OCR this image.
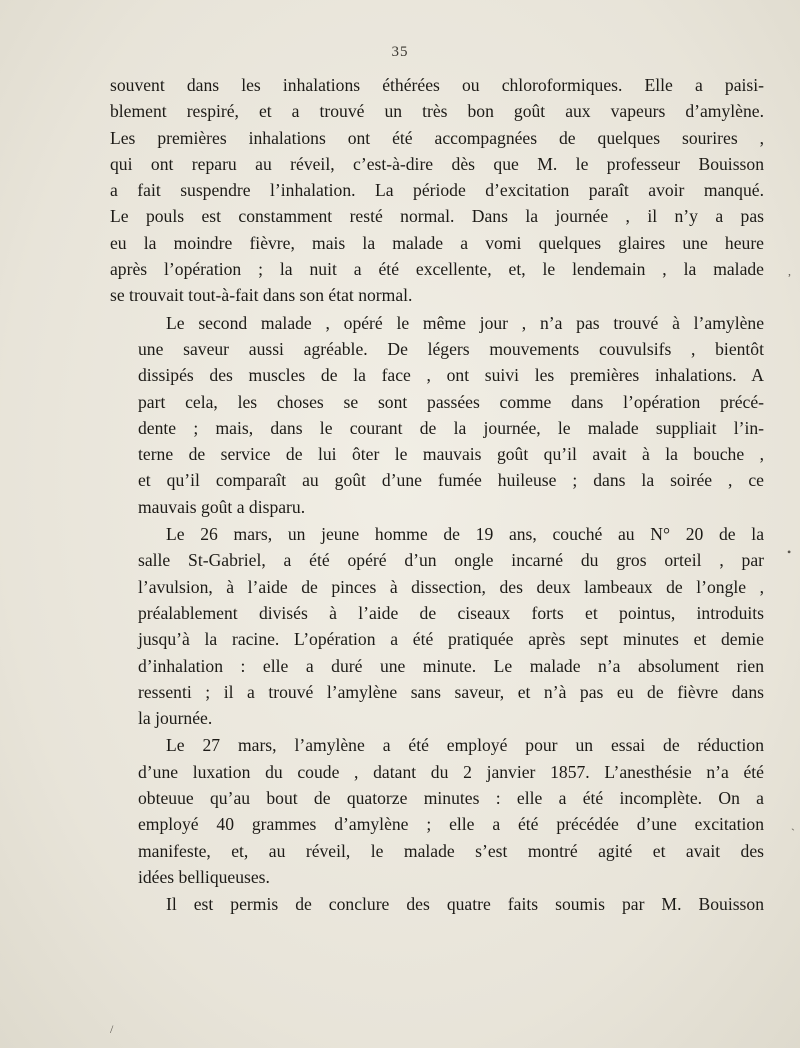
35
souvent dans les inhalations éthérées ou chloroformiques. Elle a paisi-
blement respiré, et a trouvé un très bon goût aux vapeurs d’amylène.
Les premières inhalations ont été accompagnées de quelques sourires ,
qui ont reparu au réveil, c’est-à-dire dès que M. le professeur Bouisson
a fait suspendre l’inhalation. La période d’excitation paraît avoir manqué.
Le pouls est constamment resté normal. Dans la journée , il n’y a pas
eu la moindre fièvre, mais la malade a vomi quelques glaires une heure
après l’opération ; la nuit a été excellente, et, le lendemain , la malade
se trouvait tout-à-fait dans son état normal.
Le second malade , opéré le même jour , n’a pas trouvé à l’amylène
une saveur aussi agréable. De légers mouvements couvulsifs , bientôt
dissipés des muscles de la face , ont suivi les premières inhalations. A
part cela, les choses se sont passées comme dans l’opération précé-
dente ; mais, dans le courant de la journée, le malade suppliait l’in-
terne de service de lui ôter le mauvais goût qu’il avait à la bouche ,
et qu’il comparaît au goût d’une fumée huileuse ; dans la soirée , ce
mauvais goût a disparu.
Le 26 mars, un jeune homme de 19 ans, couché au N° 20 de la
salle St-Gabriel, a été opéré d’un ongle incarné du gros orteil , par
l’avulsion, à l’aide de pinces à dissection, des deux lambeaux de l’ongle ,
préalablement divisés à l’aide de ciseaux forts et pointus, introduits
jusqu’à la racine. L’opération a été pratiquée après sept minutes et demie
d’inhalation : elle a duré une minute. Le malade n’a absolument rien
ressenti ; il a trouvé l’amylène sans saveur, et n’à pas eu de fièvre dans
la journée.
Le 27 mars, l’amylène a été employé pour un essai de réduction
d’une luxation du coude , datant du 2 janvier 1857. L’anesthésie n’a été
obteuue qu’au bout de quatorze minutes : elle a été incomplète. On a
employé 40 grammes d’amylène ; elle a été précédée d’une excitation
manifeste, et, au réveil, le malade s’est montré agité et avait des
idées belliqueuses.
Il est permis de conclure des quatre faits soumis par M. Bouisson
,
•
ˋ
/
